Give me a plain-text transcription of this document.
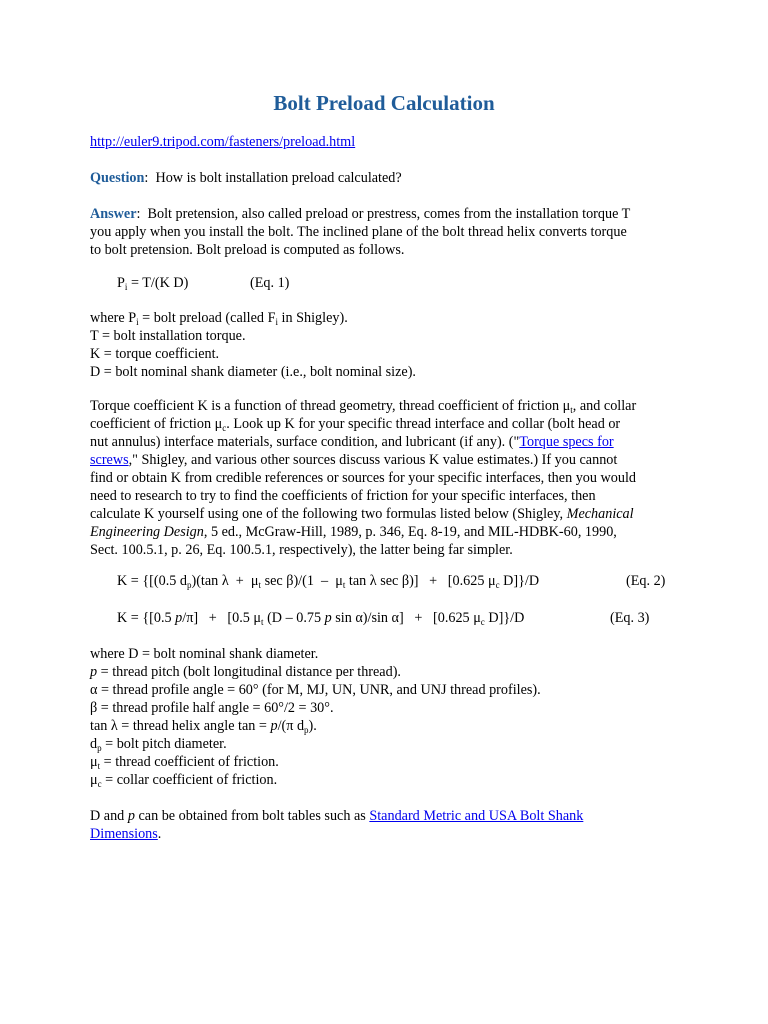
Bolt Preload Calculation
http://euler9.tripod.com/fasteners/preload.html
Question:  How is bolt installation preload calculated?
Answer:  Bolt pretension, also called preload or prestress, comes from the installation torque T
you apply when you install the bolt. The inclined plane of the bolt thread helix converts torque
to bolt pretension. Bolt preload is computed as follows.
$P_i = T/(K$ D)	(Eq. 1)
where $P_i$ = bolt preload (called $F_i$ in Shigley).
T = bolt installation torque.
K = torque coefficient.
D = bolt nominal shank diameter (i.e., bolt nominal size).
Torque coefficient K is a function of thread geometry, thread coefficient of friction $\mu_t$, and collar
coefficient of friction $\mu_c$. Look up K for your specific thread interface and collar (bolt head or
nut annulus) interface materials, surface condition, and lubricant (if any). ("Torque specs for
screws," Shigley, and various other sources discuss various K value estimates.) If you cannot
find or obtain K from credible references or sources for your specific interfaces, then you would
need to research to try to find the coefficients of friction for your specific interfaces, then
calculate K yourself using one of the following two formulas listed below (Shigley, Mechanical
Engineering Design, 5 ed., McGraw-Hill, 1989, p. 346, Eq. 8-19, and MIL-HDBK-60, 1990,
Sect. 100.5.1, p. 26, Eq. 100.5.1, respectively), the latter being far simpler.
K = {[(0.5 $d_p)(\tan$ $\lambda + \mu_t$ $\sec \beta)/(1 - \mu_t$ tan λ sec β)]   +   [0.625 $\mu_c$ D]}/D	(Eq. 2)
K = {[0.5 p/π]   +   [0.5 $\mu_t$ (D – 0.75 p sin α)/sin α]   +   [0.625 $\mu_c$ D]}/D	(Eq. 3)
where D = bolt nominal shank diameter.
p = thread pitch (bolt longitudinal distance per thread).
α = thread profile angle = 60° (for M, MJ, UN, UNR, and UNJ thread profiles).
β = thread profile half angle = 60°/2 = 30°.
tan λ = thread helix angle tan = p/(π $d_p$).
$d_p$ = bolt pitch diameter.
$\mu_t$ = thread coefficient of friction.
$\mu_c$ = collar coefficient of friction.
D and p can be obtained from bolt tables such as Standard Metric and USA Bolt Shank
Dimensions.
